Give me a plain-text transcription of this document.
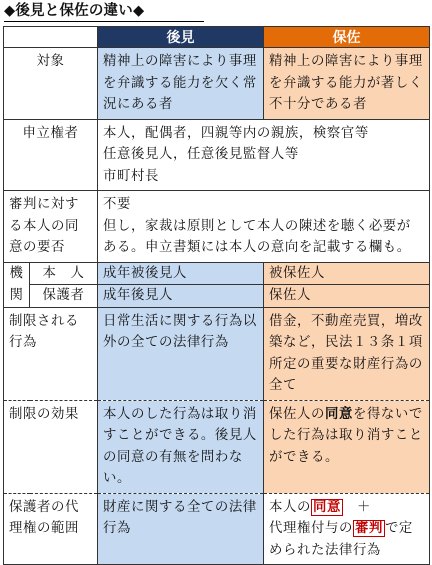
◆後見と保佐の違い◆
		後見	保佐
対象		精神上の障害により事理を弁識する能力を欠く常況にある者	精神上の障害により事理を弁識する能力が著しく不十分である者
申立権者		本人，配偶者，四親等内の親族，検察官等
任意後見人，任意後見監督人等
市町村長	

審判に対する本人の同意の要否		不要
但し，家裁は原則として本人の陳述を聴く必要がある。申立書類には本人の意向を記載する欄も。	

機
関	本　人	成年被後見人	被保佐人
	保護者	成年後見人	保佐人
制限される行為		日常生活に関する行為以外の全ての法律行為	借金，不動産売買，増改築など，民法１３条１項所定の重要な財産行為の全て
制限の効果		本人のした行為は取り消すことができる。後見人の同意の有無を問わない。	保佐人の同意を得ないでした行為は取り消すことができる。
保護者の代理権の範囲		財産に関する全ての法律行為	本人の 同意　＋
代理権付与の 審判 で定められた法律行為
